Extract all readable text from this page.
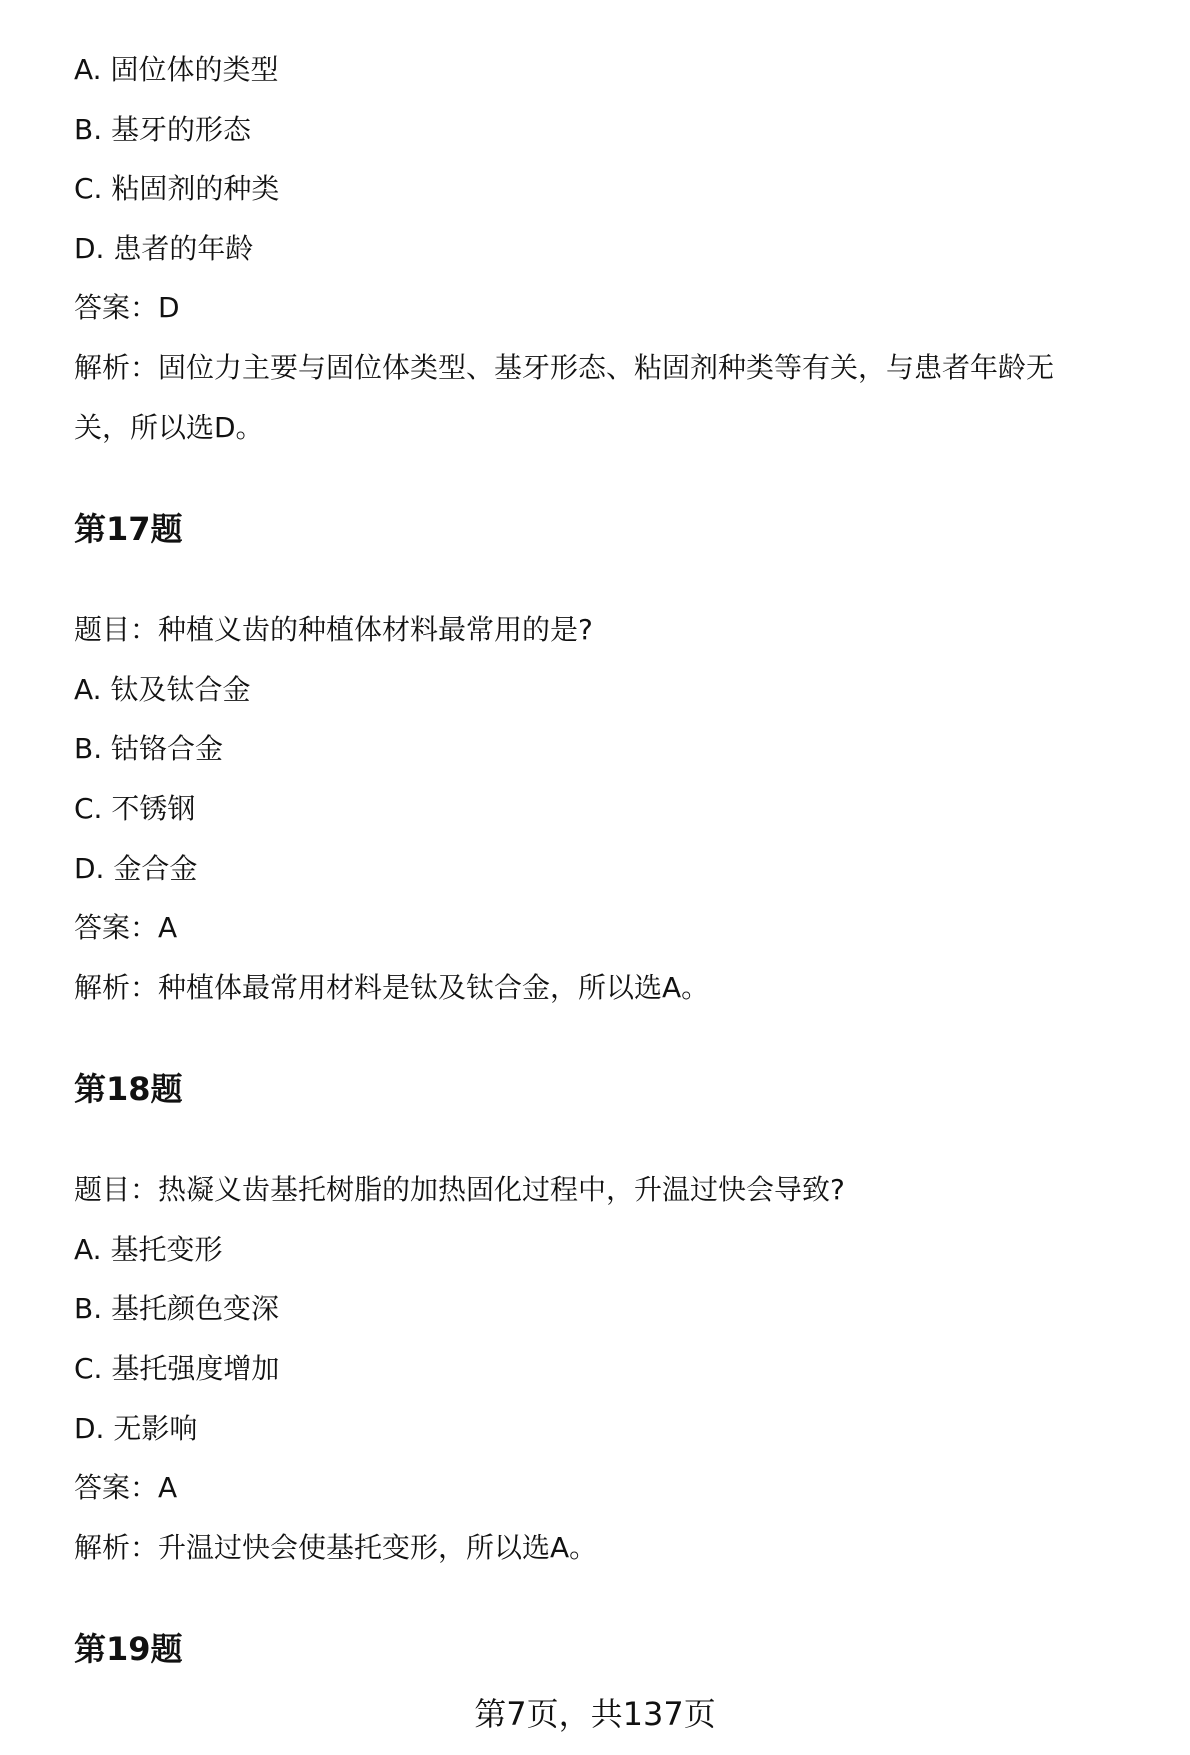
A. 固位体的类型
B. 基牙的形态
C. 粘固剂的种类
D. 患者的年龄
答案：D
解析：固位力主要与固位体类型、基牙形态、粘固剂种类等有关，与患者年龄无
关，所以选D。
第17题
题目：种植义齿的种植体材料最常用的是?
A. 钛及钛合金
B. 钴铬合金
C. 不锈钢
D. 金合金
答案：A
解析：种植体最常用材料是钛及钛合金，所以选A。
第18题
题目：热凝义齿基托树脂的加热固化过程中，升温过快会导致?
A. 基托变形
B. 基托颜色变深
C. 基托强度增加
D. 无影响
答案：A
解析：升温过快会使基托变形，所以选A。
第19题
第7页，共137页
